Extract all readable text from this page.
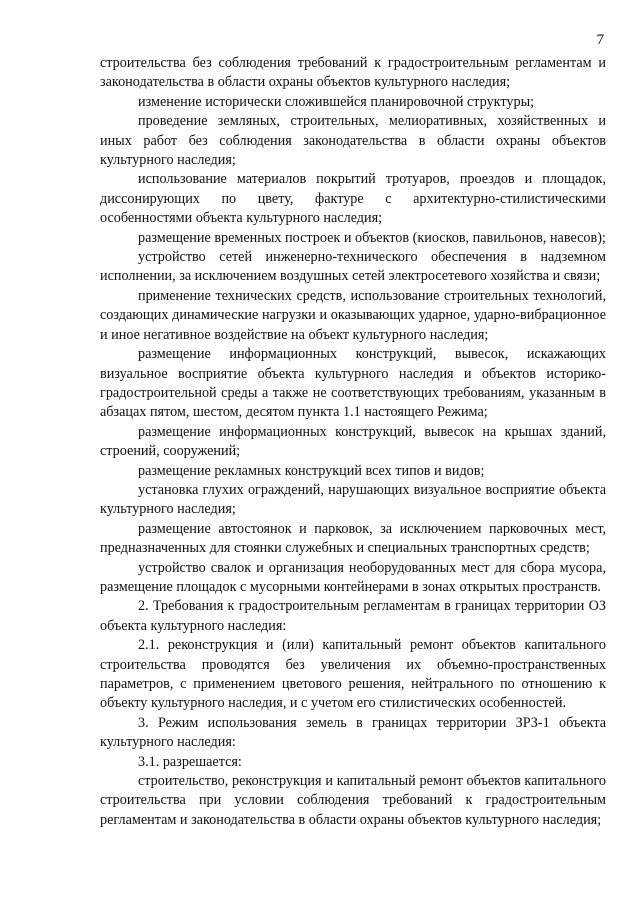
7

строительства без соблюдения требований к градостроительным регламентам и законодательства в области охраны объектов культурного наследия;

изменение исторически сложившейся планировочной структуры;

проведение земляных, строительных, мелиоративных, хозяйственных и иных работ без соблюдения законодательства в области охраны объектов культурного наследия;

использование материалов покрытий тротуаров, проездов и площадок, диссонирующих по цвету, фактуре с архитектурно-стилистическими особенностями объекта культурного наследия;

размещение временных построек и объектов (киосков, павильонов, навесов);

устройство сетей инженерно-технического обеспечения в надземном исполнении, за исключением воздушных сетей электросетевого хозяйства и связи;

применение технических средств, использование строительных технологий, создающих динамические нагрузки и оказывающих ударное, ударно-вибрационное и иное негативное воздействие на объект культурного наследия;

размещение информационных конструкций, вывесок, искажающих визуальное восприятие объекта культурного наследия и объектов историко-градостроительной среды а также не соответствующих требованиям, указанным в абзацах пятом, шестом, десятом пункта 1.1 настоящего Режима;

размещение информационных конструкций, вывесок на крышах зданий, строений, сооружений;

размещение рекламных конструкций всех типов и видов;

установка глухих ограждений, нарушающих визуальное восприятие объекта культурного наследия;

размещение автостоянок и парковок, за исключением парковочных мест, предназначенных для стоянки служебных и специальных транспортных средств;

устройство свалок и организация необорудованных мест для сбора мусора, размещение площадок с мусорными контейнерами в зонах открытых пространств.

2. Требования к градостроительным регламентам в границах территории ОЗ объекта культурного наследия:

2.1. реконструкция и (или) капитальный ремонт объектов капитального строительства проводятся без увеличения их объемно-пространственных параметров, с применением цветового решения, нейтрального по отношению к объекту культурного наследия, и с учетом его стилистических особенностей.

3. Режим использования земель в границах территории ЗРЗ-1 объекта культурного наследия:

3.1. разрешается:

строительство, реконструкция и капитальный ремонт объектов капитального строительства при условии соблюдения требований к градостроительным регламентам и законодательства в области охраны объектов культурного наследия;
